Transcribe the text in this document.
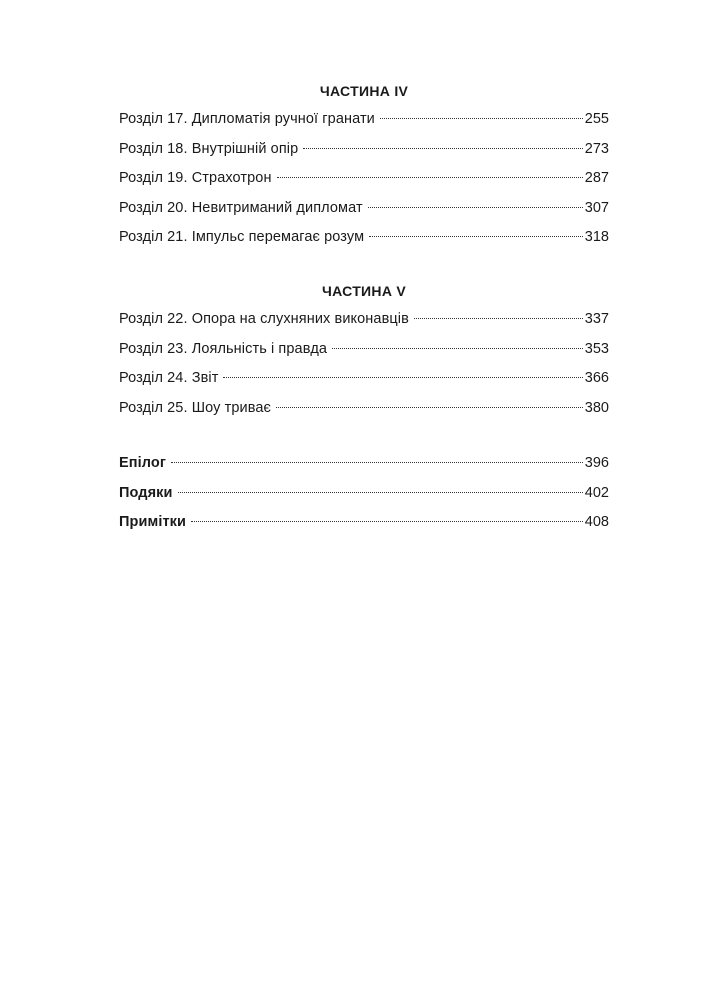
ЧАСТИНА IV
Розділ 17. Дипломатія ручної гранати	255
Розділ 18. Внутрішній опір	273
Розділ 19. Страхотрон	287
Розділ 20. Невитриманий дипломат	307
Розділ 21. Імпульс перемагає розум	318
ЧАСТИНА V
Розділ 22. Опора на слухняних виконавців	337
Розділ 23. Лояльність і правда	353
Розділ 24. Звіт	366
Розділ 25. Шоу триває	380
Епілог	396
Подяки	402
Примітки	408
